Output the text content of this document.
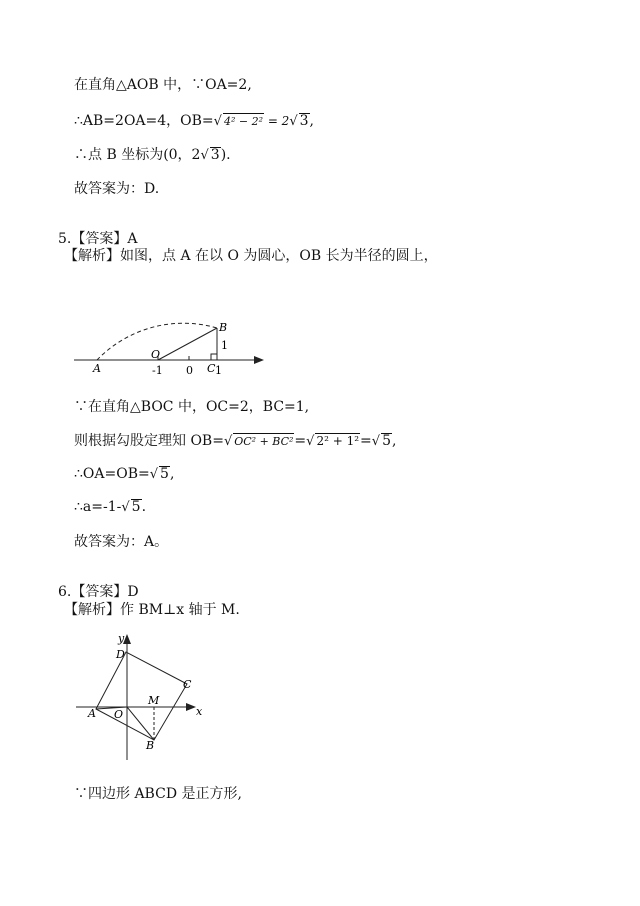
在直角△AOB 中，∵OA=2,
∴AB=2OA=4，OB=√ 4² − 2² = 2√ 3,
∴点 B 坐标为(0，2√ 3).
故答案为：D.
5.【答案】A
【解析】如图，点 A 在以 O 为圆心，OB 长为半径的圆上，
A
O
B
1
-1 0 C 1
y
x
D
C
A O
M
B
∵在直角△BOC 中，OC=2，BC=1,
则根据勾股定理知 OB=√ OC² + BC²=√ 2² + 1²=√ 5,
∴OA=OB=√ 5,
∴a=-1-√ 5.
故答案为：A。
6.【答案】D
【解析】作 BM⊥x 轴于 M.
∵四边形 ABCD 是正方形,
